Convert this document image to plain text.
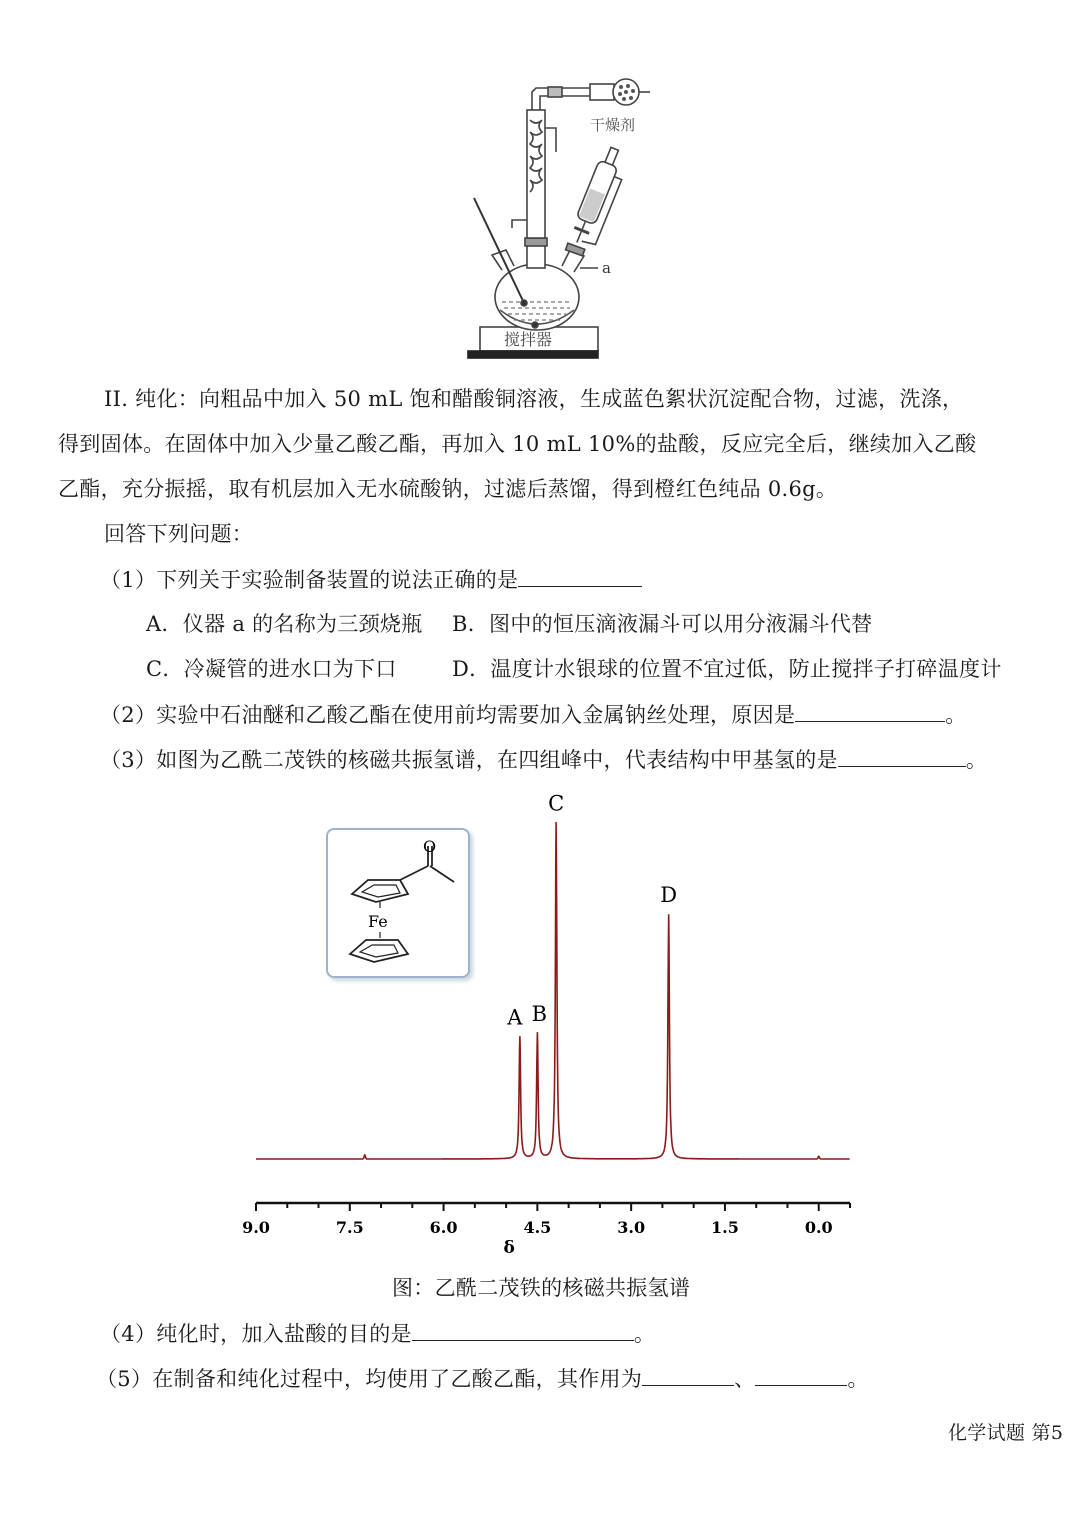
干燥剂
a
搅拌器
II. 纯化：向粗品中加入 50 mL 饱和醋酸铜溶液，生成蓝色絮状沉淀配合物，过滤，洗涤，
得到固体。在固体中加入少量乙酸乙酯，再加入 10 mL 10%的盐酸，反应完全后，继续加入乙酸
乙酯，充分振摇，取有机层加入无水硫酸钠，过滤后蒸馏，得到橙红色纯品 0.6g。
回答下列问题：
（1）下列关于实验制备装置的说法正确的是
A．仪器 a 的名称为三颈烧瓶 B．图中的恒压滴液漏斗可以用分液漏斗代替
C．冷凝管的进水口为下口	D．温度计水银球的位置不宜过低，防止搅拌子打碎温度计
（2）实验中石油醚和乙酸乙酯在使用前均需要加入金属钠丝处理，原因是	。
（3）如图为乙酰二茂铁的核磁共振氢谱，在四组峰中，代表结构中甲基氢的是	。
O
Fe
9.0	7.5	6.0	4.5	3.0	1.5	0.0
A B
C
D
δ
图：乙酰二茂铁的核磁共振氢谱
（4）纯化时，加入盐酸的目的是	。
（5）在制备和纯化过程中，均使用了乙酸乙酯，其作用为	、	。
化学试题 第5
